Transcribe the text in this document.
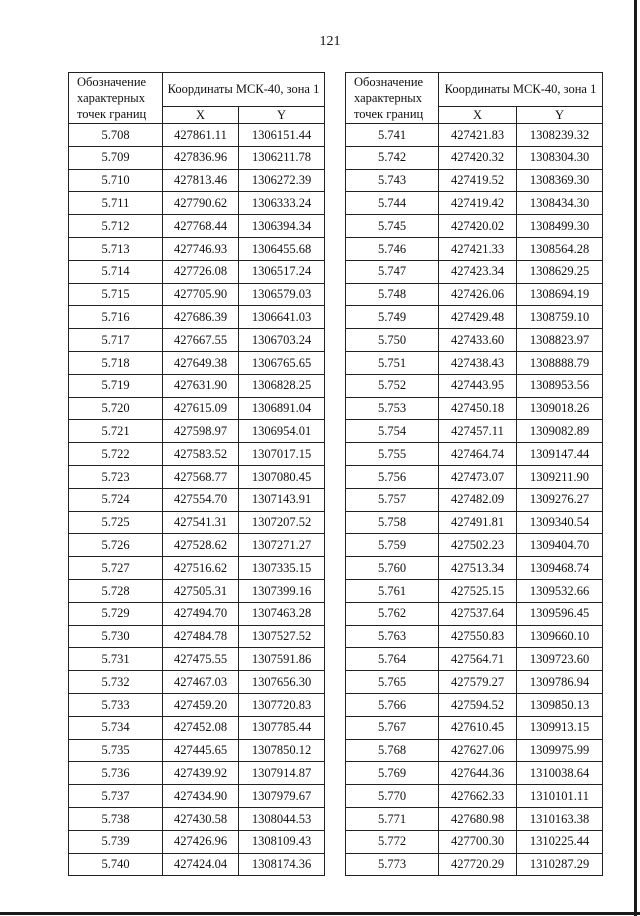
121
Обозначение характерных точек границ	Координаты МСК-40, зона 1	
	X	Y
5.708	427861.11	1306151.44
5.709	427836.96	1306211.78
5.710	427813.46	1306272.39
5.711	427790.62	1306333.24
5.712	427768.44	1306394.34
5.713	427746.93	1306455.68
5.714	427726.08	1306517.24
5.715	427705.90	1306579.03
5.716	427686.39	1306641.03
5.717	427667.55	1306703.24
5.718	427649.38	1306765.65
5.719	427631.90	1306828.25
5.720	427615.09	1306891.04
5.721	427598.97	1306954.01
5.722	427583.52	1307017.15
5.723	427568.77	1307080.45
5.724	427554.70	1307143.91
5.725	427541.31	1307207.52
5.726	427528.62	1307271.27
5.727	427516.62	1307335.15
5.728	427505.31	1307399.16
5.729	427494.70	1307463.28
5.730	427484.78	1307527.52
5.731	427475.55	1307591.86
5.732	427467.03	1307656.30
5.733	427459.20	1307720.83
5.734	427452.08	1307785.44
5.735	427445.65	1307850.12
5.736	427439.92	1307914.87
5.737	427434.90	1307979.67
5.738	427430.58	1308044.53
5.739	427426.96	1308109.43
5.740	427424.04	1308174.36
Обозначение характерных точек границ	Координаты МСК-40, зона 1	
	X	Y
5.741	427421.83	1308239.32
5.742	427420.32	1308304.30
5.743	427419.52	1308369.30
5.744	427419.42	1308434.30
5.745	427420.02	1308499.30
5.746	427421.33	1308564.28
5.747	427423.34	1308629.25
5.748	427426.06	1308694.19
5.749	427429.48	1308759.10
5.750	427433.60	1308823.97
5.751	427438.43	1308888.79
5.752	427443.95	1308953.56
5.753	427450.18	1309018.26
5.754	427457.11	1309082.89
5.755	427464.74	1309147.44
5.756	427473.07	1309211.90
5.757	427482.09	1309276.27
5.758	427491.81	1309340.54
5.759	427502.23	1309404.70
5.760	427513.34	1309468.74
5.761	427525.15	1309532.66
5.762	427537.64	1309596.45
5.763	427550.83	1309660.10
5.764	427564.71	1309723.60
5.765	427579.27	1309786.94
5.766	427594.52	1309850.13
5.767	427610.45	1309913.15
5.768	427627.06	1309975.99
5.769	427644.36	1310038.64
5.770	427662.33	1310101.11
5.771	427680.98	1310163.38
5.772	427700.30	1310225.44
5.773	427720.29	1310287.29
